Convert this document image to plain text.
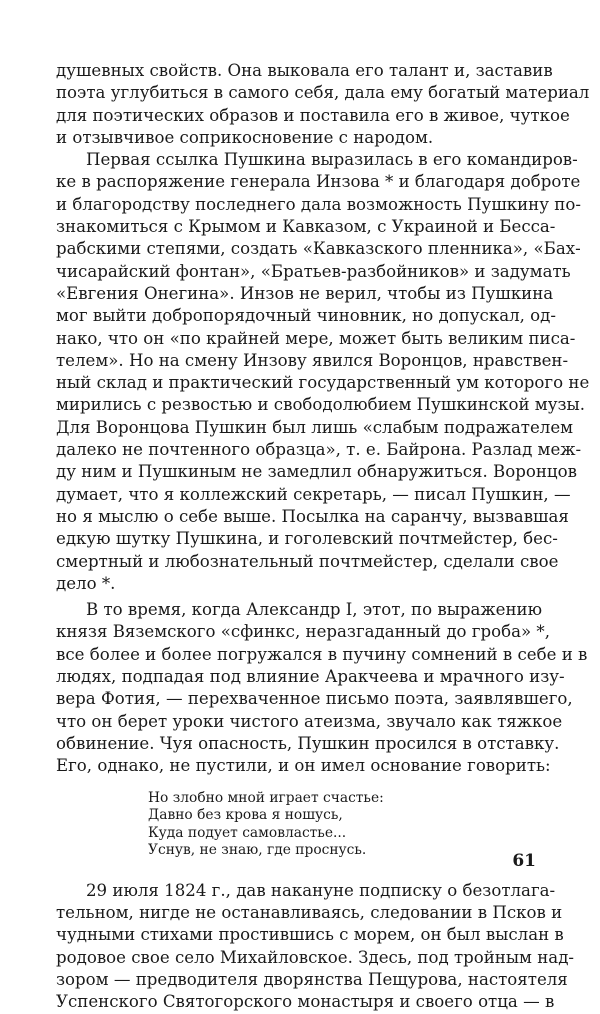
душевных свойств. Она выковала его талант и, заставив
поэта углубиться в самого себя, дала ему богатый материал
для поэтических образов и поставила его в живое, чуткое
и отзывчивое соприкосновение с народом.

Первая ссылка Пушкина выразилась в его командиров-
ке в распоряжение генерала Инзова * и благодаря доброте
и благородству последнего дала возможность Пушкину по-
знакомиться с Крымом и Кавказом, с Украиной и Бесса-
рабскими степями, создать «Кавказского пленника», «Бах-
чисарайский фонтан», «Братьев-разбойников» и задумать
«Евгения Онегина». Инзов не верил, чтобы из Пушкина
мог выйти добропорядочный чиновник, но допускал, од-
нако, что он «по крайней мере, может быть великим писа-
телем». Но на смену Инзову явился Воронцов, нравствен-
ный склад и практический государственный ум которого не
мирились с резвостью и свободолюбием Пушкинской музы.
Для Воронцова Пушкин был лишь «слабым подражателем
далеко не почтенного образца», т. е. Байрона. Разлад меж-
ду ним и Пушкиным не замедлил обнаружиться. Воронцов
думает, что я коллежский секретарь, — писал Пушкин, —
но я мыслю о себе выше. Посылка на саранчу, вызвавшая
едкую шутку Пушкина, и гоголевский почтмейстер, бес-
смертный и любознательный почтмейстер, сделали свое
дело *.

В то время, когда Александр I, этот, по выражению
князя Вяземского «сфинкс, неразгаданный до гроба» *,
все более и более погружался в пучину сомнений в себе и в
людях, подпадая под влияние Аракчеева и мрачного изу-
вера Фотия, — перехваченное письмо поэта, заявлявшего,
что он берет уроки чистого атеизма, звучало как тяжкое
обвинение. Чуя опасность, Пушкин просился в отставку.
Его, однако, не пустили, и он имел основание говорить:

Но злобно мной играет счастье:
Давно без крова я ношусь,
Куда подует самовластье...
Уснув, не знаю, где проснусь.

29 июля 1824 г., дав накануне подписку о безотлага-
тельном, нигде не останавливаясь, следовании в Псков и
чудными стихами простившись с морем, он был выслан в
родовое свое село Михайловское. Здесь, под тройным над-
зором — предводителя дворянства Пещурова, настоятеля
Успенского Святогорского монастыря и своего отца — в

61
